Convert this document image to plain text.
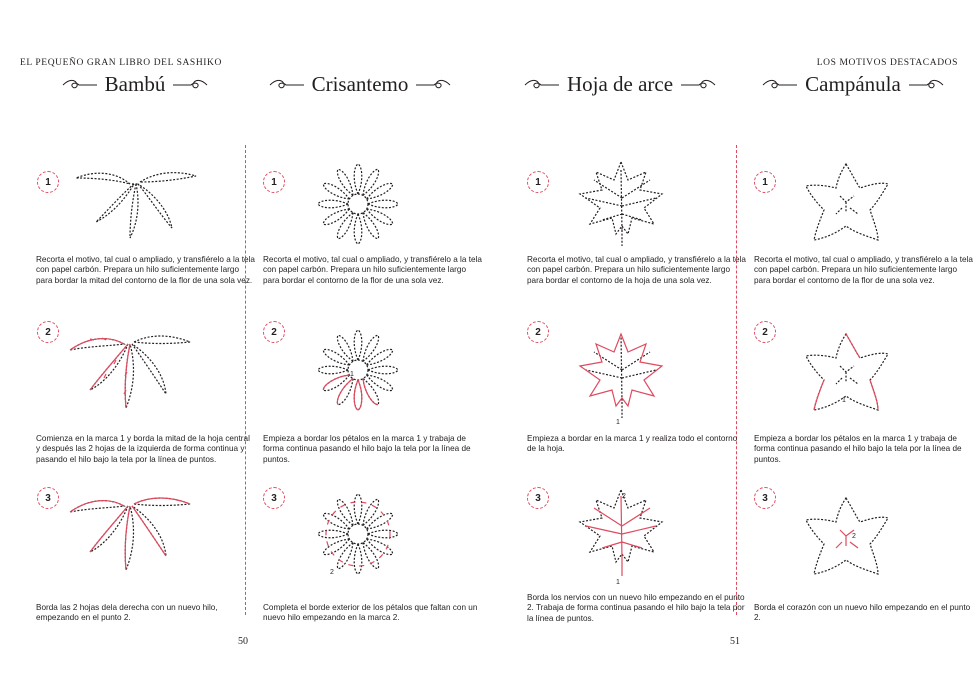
EL PEQUEÑO GRAN LIBRO DEL SASHIKO	LOS MOTIVOS DESTACADOS
Bambú	Crisantemo	Hoja de arce	Campánula
1
Recorta el motivo, tal cual o ampliado, y transfiérelo a la tela con papel carbón. Prepara un hilo suficientemente largo para bordar la mitad del contorno de la flor de una sola vez.
2
Comienza en la marca 1 y borda la mitad de la hoja central y después las 2 hojas de la izquierda de forma continua y pasando el hilo bajo la tela por la línea de puntos.
3
Borda las 2 hojas dela derecha con un nuevo hilo, empezando en el punto 2.
1
Recorta el motivo, tal cual o ampliado, y transfiérelo a la tela con papel carbón. Prepara un hilo suficientemente largo para bordar el contorno de la flor de una sola vez.
2
1
Empieza a bordar los pétalos en la marca 1 y trabaja de forma continua pasando el hilo bajo la tela por la línea de puntos.
3
2
Completa el borde exterior de los pétalos que faltan con un nuevo hilo empezando en la marca 2.
1
Recorta el motivo, tal cual o ampliado, y transfiérelo a la tela con papel carbón. Prepara un hilo suficientemente largo para bordar el contorno de la hoja de una sola vez.
2
1
Empieza a bordar en la marca 1 y realiza todo el contorno de la hoja.
3	2
1
Borda los nervios con un nuevo hilo empezando en el punto 2. Trabaja de forma continua pasando el hilo bajo la tela por la línea de puntos.
1
Recorta el motivo, tal cual o ampliado, y transfiérelo a la tela con papel carbón. Prepara un hilo suficientemente largo para bordar el contorno de la flor de una sola vez.
2
1
Empieza a bordar los pétalos en la marca 1 y trabaja de forma continua pasando el hilo bajo la tela por la línea de puntos.
3
2
Borda el corazón con un nuevo hilo empezando en el punto 2.
50	51
